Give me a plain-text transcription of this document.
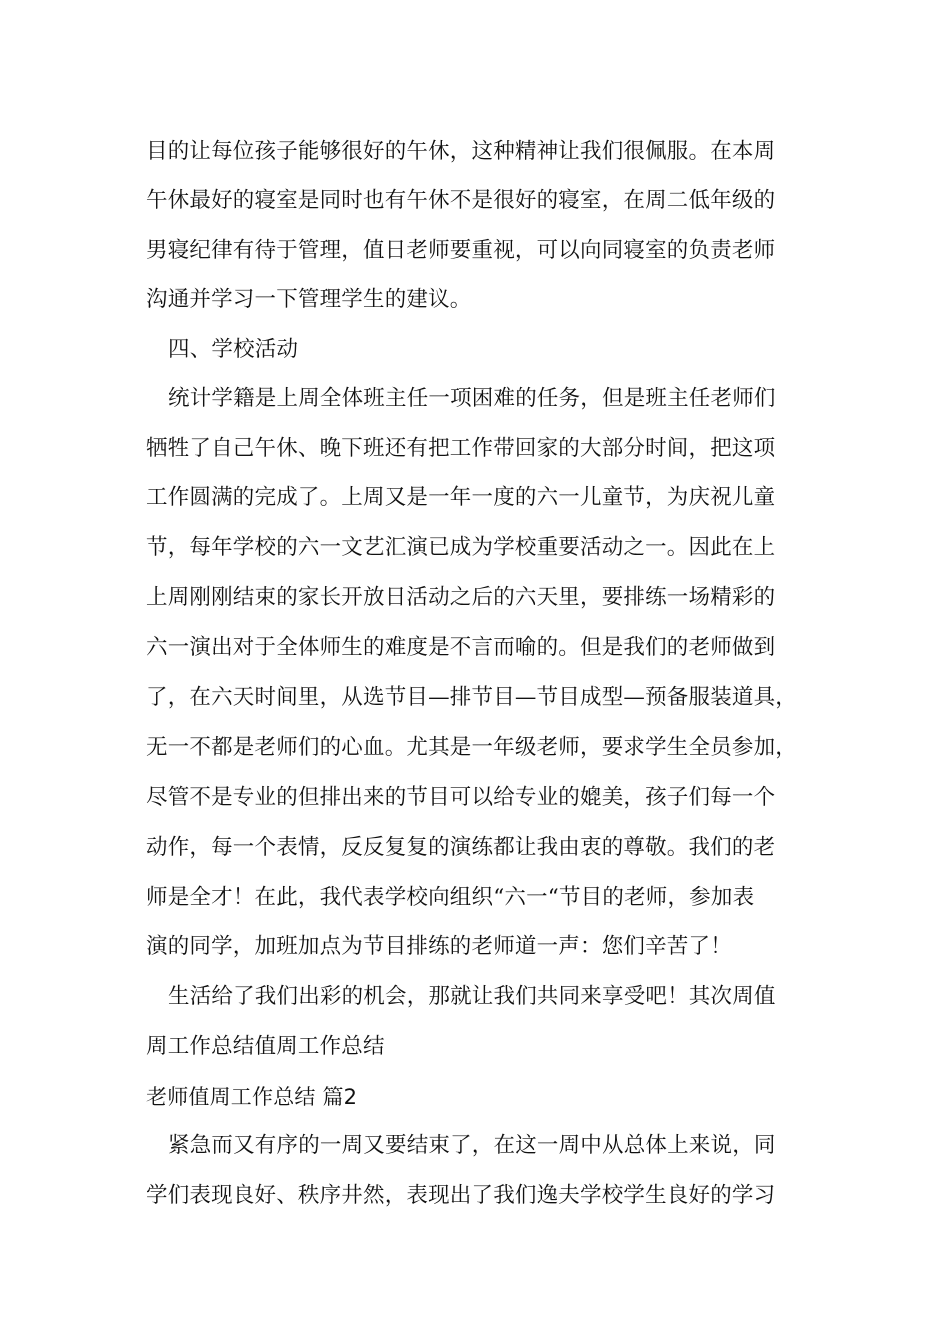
目的让每位孩子能够很好的午休，这种精神让我们很佩服。在本周
午休最好的寝室是同时也有午休不是很好的寝室，在周二低年级的
男寝纪律有待于管理，值日老师要重视，可以向同寝室的负责老师
沟通并学习一下管理学生的建议。
四、学校活动
统计学籍是上周全体班主任一项困难的任务，但是班主任老师们
牺牲了自己午休、晚下班还有把工作带回家的大部分时间，把这项
工作圆满的完成了。上周又是一年一度的六一儿童节，为庆祝儿童
节，每年学校的六一文艺汇演已成为学校重要活动之一。因此在上
上周刚刚结束的家长开放日活动之后的六天里，要排练一场精彩的
六一演出对于全体师生的难度是不言而喻的。但是我们的老师做到
了，在六天时间里，从选节目—排节目—节目成型—预备服装道具，
无一不都是老师们的心血。尤其是一年级老师，要求学生全员参加，
尽管不是专业的但排出来的节目可以给专业的媲美，孩子们每一个
动作，每一个表情，反反复复的演练都让我由衷的尊敬。我们的老
师是全才！在此，我代表学校向组织“六一“节目的老师，参加表
演的同学，加班加点为节目排练的老师道一声：您们辛苦了！
生活给了我们出彩的机会，那就让我们共同来享受吧！其次周值
周工作总结值周工作总结
老师值周工作总结 篇2
紧急而又有序的一周又要结束了，在这一周中从总体上来说，同
学们表现良好、秩序井然，表现出了我们逸夫学校学生良好的学习
